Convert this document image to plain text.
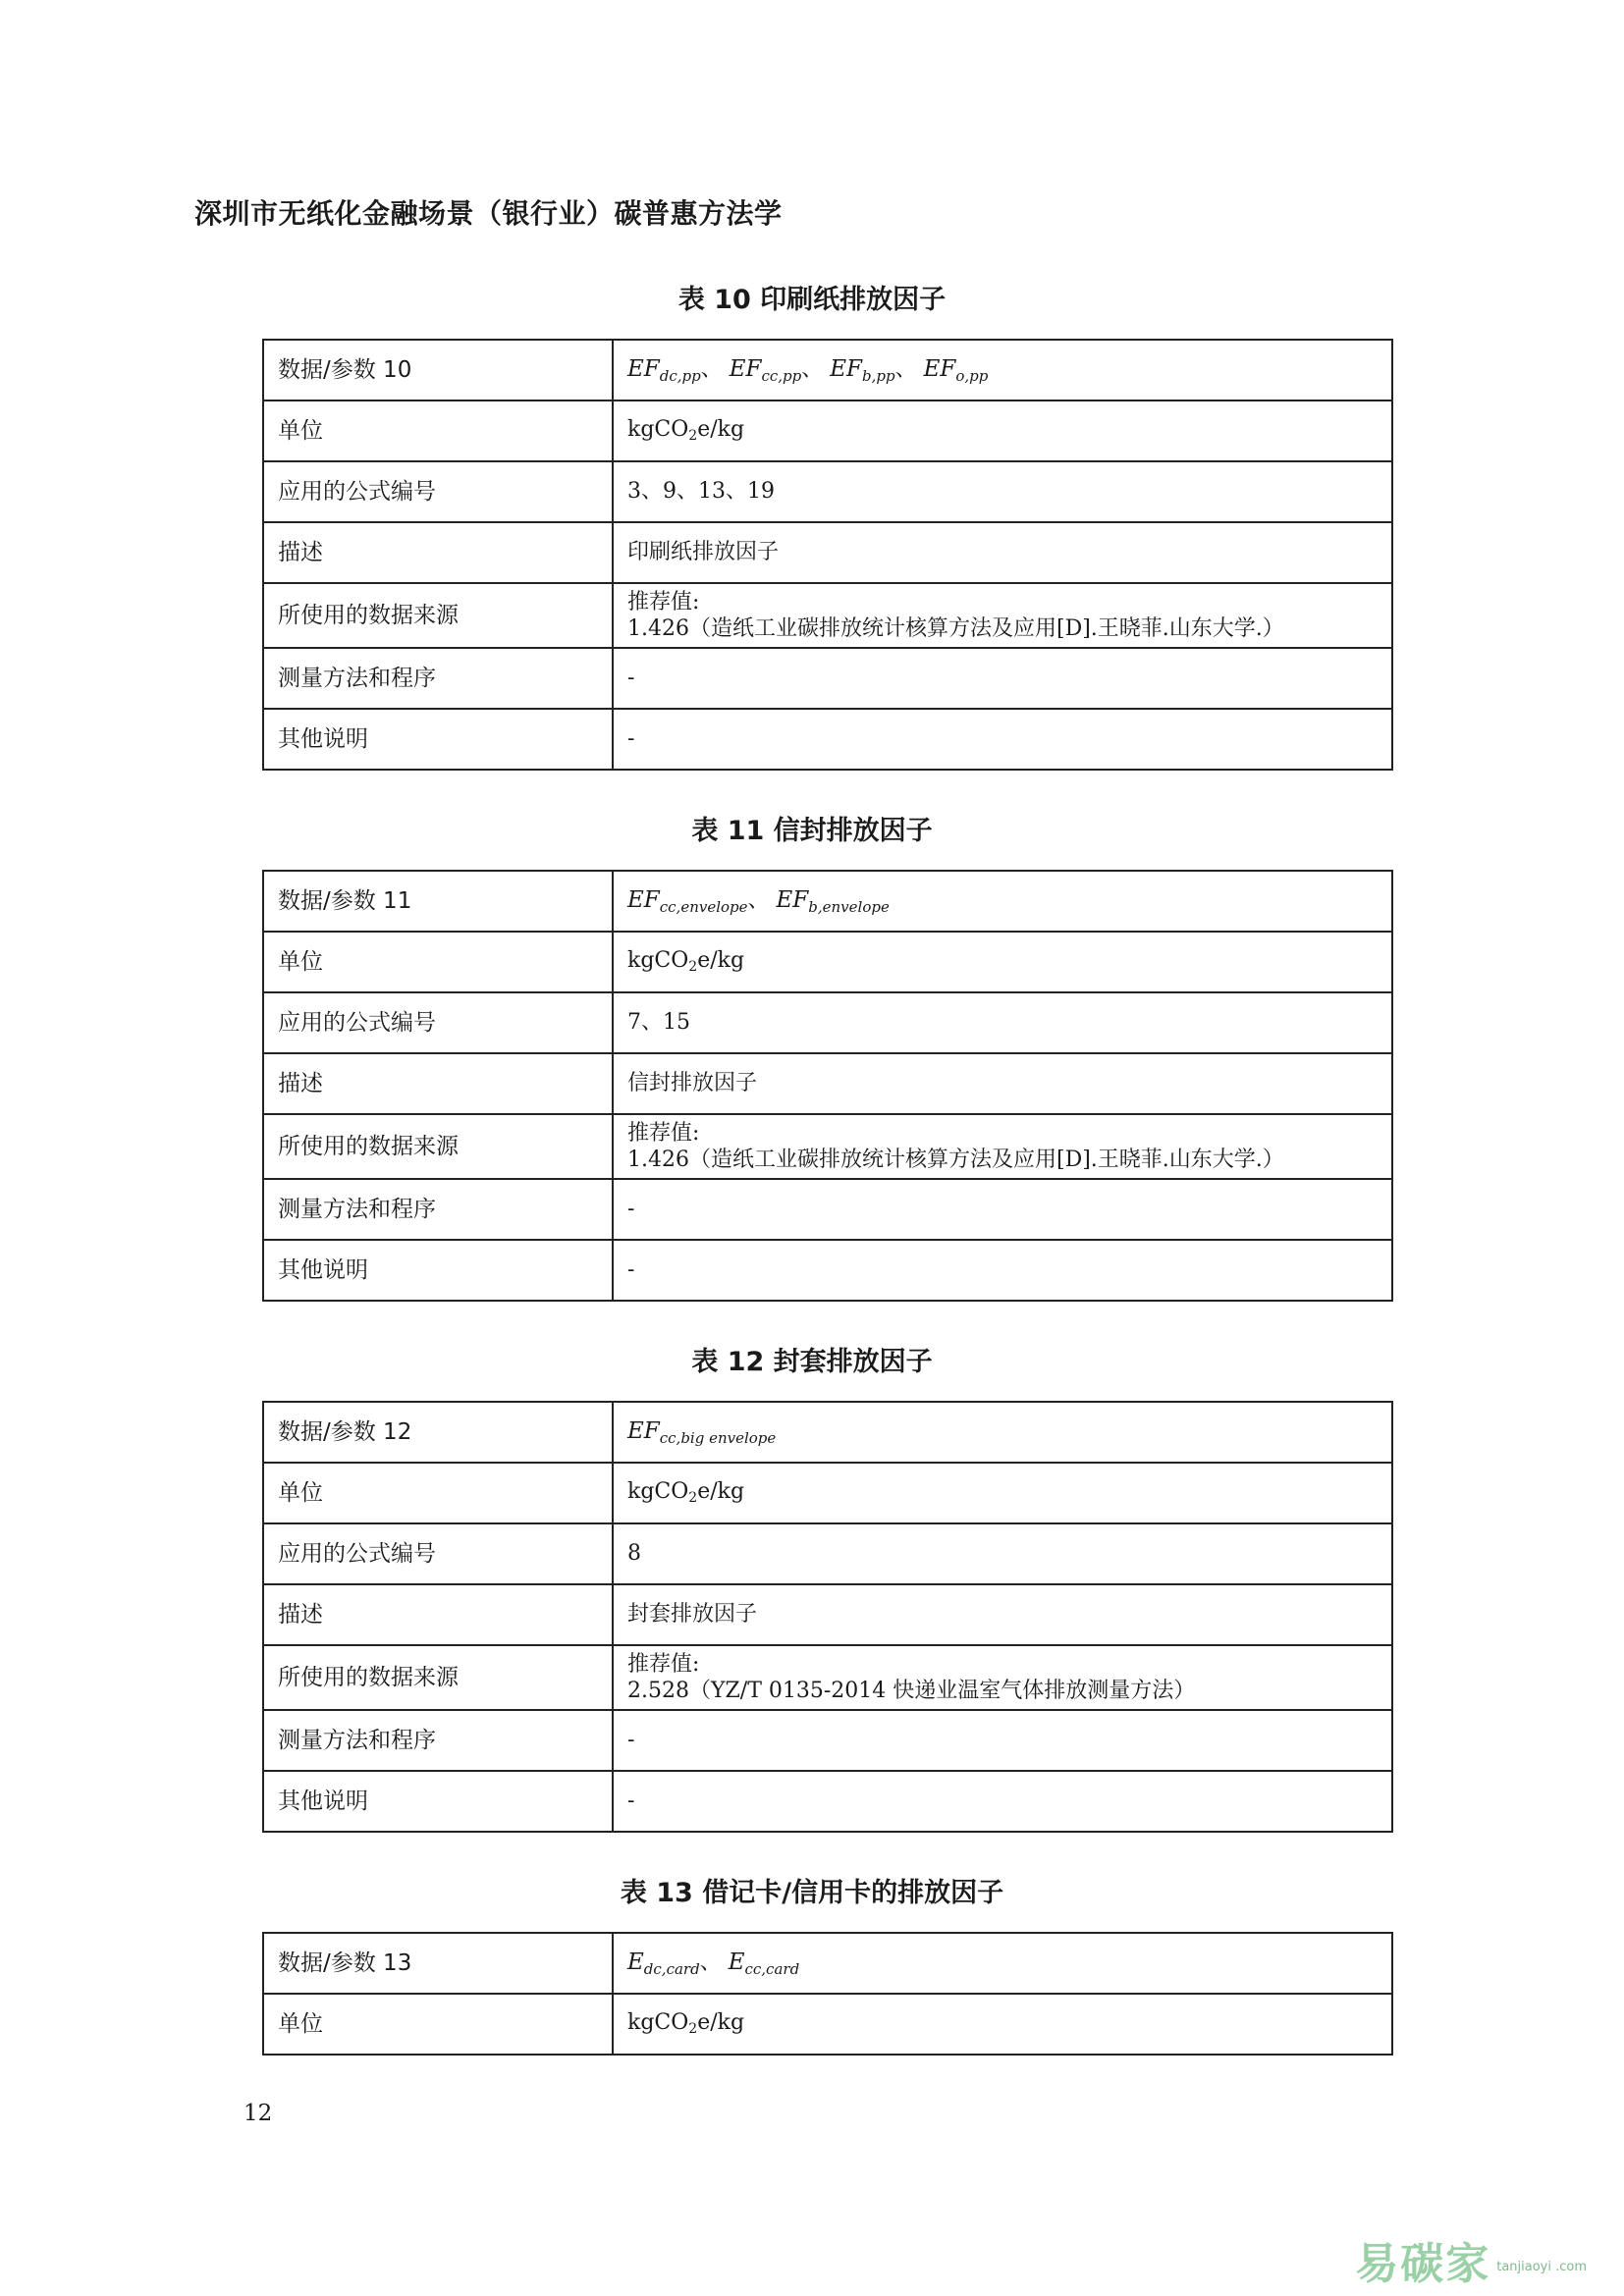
深圳市无纸化金融场景（银行业）碳普惠方法学
表 10 印刷纸排放因子
数据/参数 10	$EF_{dc,pp}$、 $EF_{cc,pp}$、 $EF_{b,pp}$、 $EF_{o,pp}$
单位	kgCO$_2$e/kg
应用的公式编号	3、9、13、19
描述	印刷纸排放因子
所使用的数据来源	推荐值:
1.426（造纸工业碳排放统计核算方法及应用[D].王晓菲.山东大学.）
测量方法和程序	-
其他说明	-
表 11 信封排放因子
数据/参数 11	$EF_{cc,envelope}$、 $EF_{b,envelope}$
单位	kgCO$_2$e/kg
应用的公式编号	7、15
描述	信封排放因子
所使用的数据来源	推荐值:
1.426（造纸工业碳排放统计核算方法及应用[D].王晓菲.山东大学.）
测量方法和程序	-
其他说明	-
表 12 封套排放因子
数据/参数 12	$EF_{cc,big envelope}$
单位	kgCO$_2$e/kg
应用的公式编号	8
描述	封套排放因子
所使用的数据来源	推荐值:
2.528（YZ/T 0135-2014 快递业温室气体排放测量方法）
测量方法和程序	-
其他说明	-
表 13 借记卡/信用卡的排放因子
数据/参数 13	$E_{dc,card}$、 $E_{cc,card}$
单位	kgCO$_2$e/kg
12
易碳家 tanjiaoyi .com
